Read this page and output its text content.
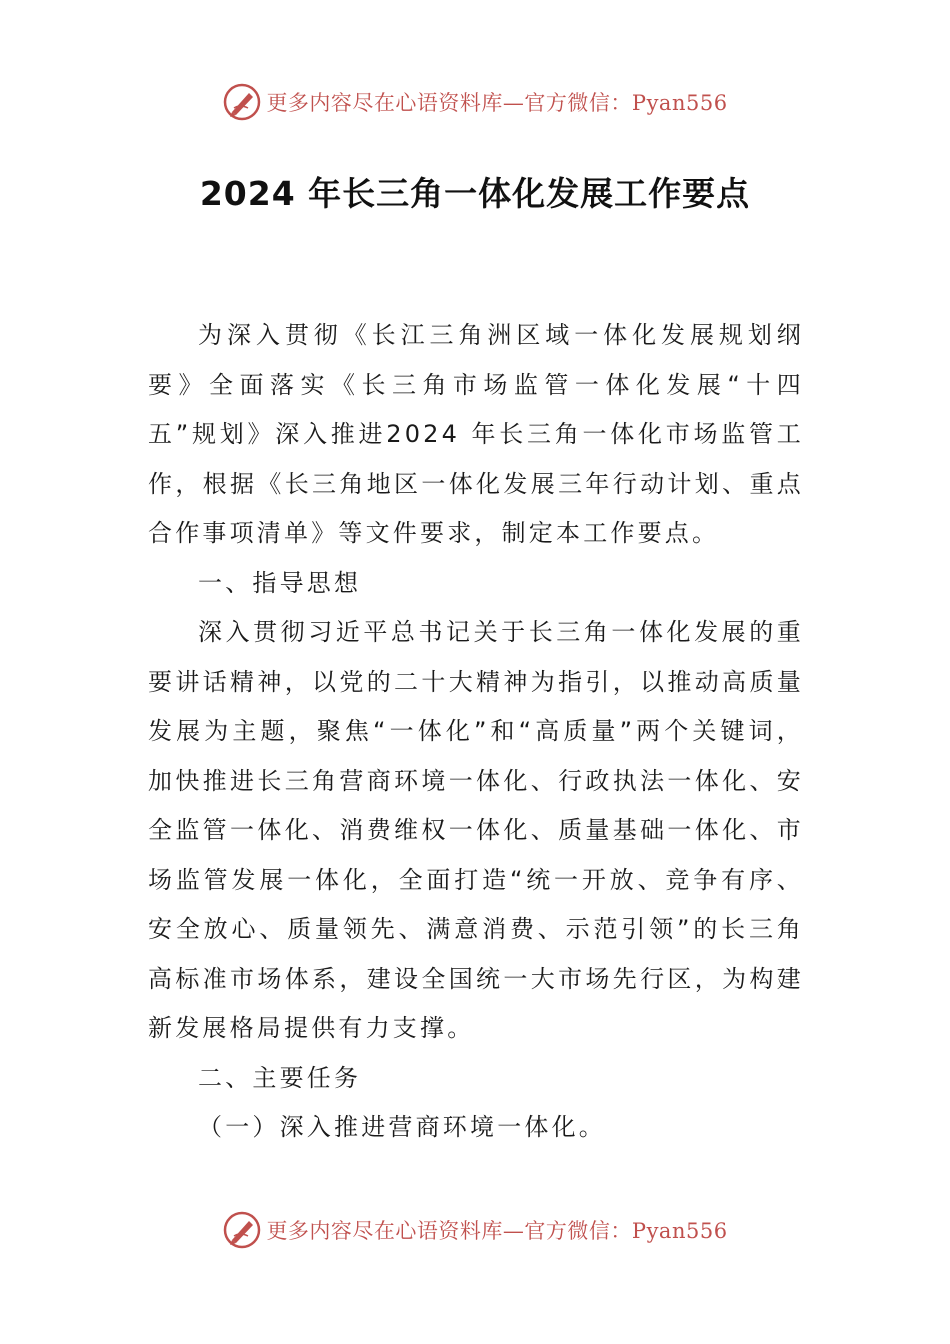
更多内容尽在心语资料库—官方微信：Pyan556
2024 年长三角一体化发展工作要点

为深入贯彻《长江三角洲区域一体化发展规划纲要》全面落实《长三角市场监管一体化发展“十四五”规划》深入推进2024 年长三角一体化市场监管工作，根据《长三角地区一体化发展三年行动计划、重点合作事项清单》等文件要求，制定本工作要点。

一、指导思想

深入贯彻习近平总书记关于长三角一体化发展的重要讲话精神，以党的二十大精神为指引，以推动高质量发展为主题，聚焦“一体化”和“高质量”两个关键词，加快推进长三角营商环境一体化、行政执法一体化、安全监管一体化、消费维权一体化、质量基础一体化、市场监管发展一体化，全面打造“统一开放、竞争有序、安全放心、质量领先、满意消费、示范引领”的长三角高标准市场体系，建设全国统一大市场先行区，为构建新发展格局提供有力支撑。

二、主要任务

（一）深入推进营商环境一体化。

更多内容尽在心语资料库—官方微信：Pyan556
